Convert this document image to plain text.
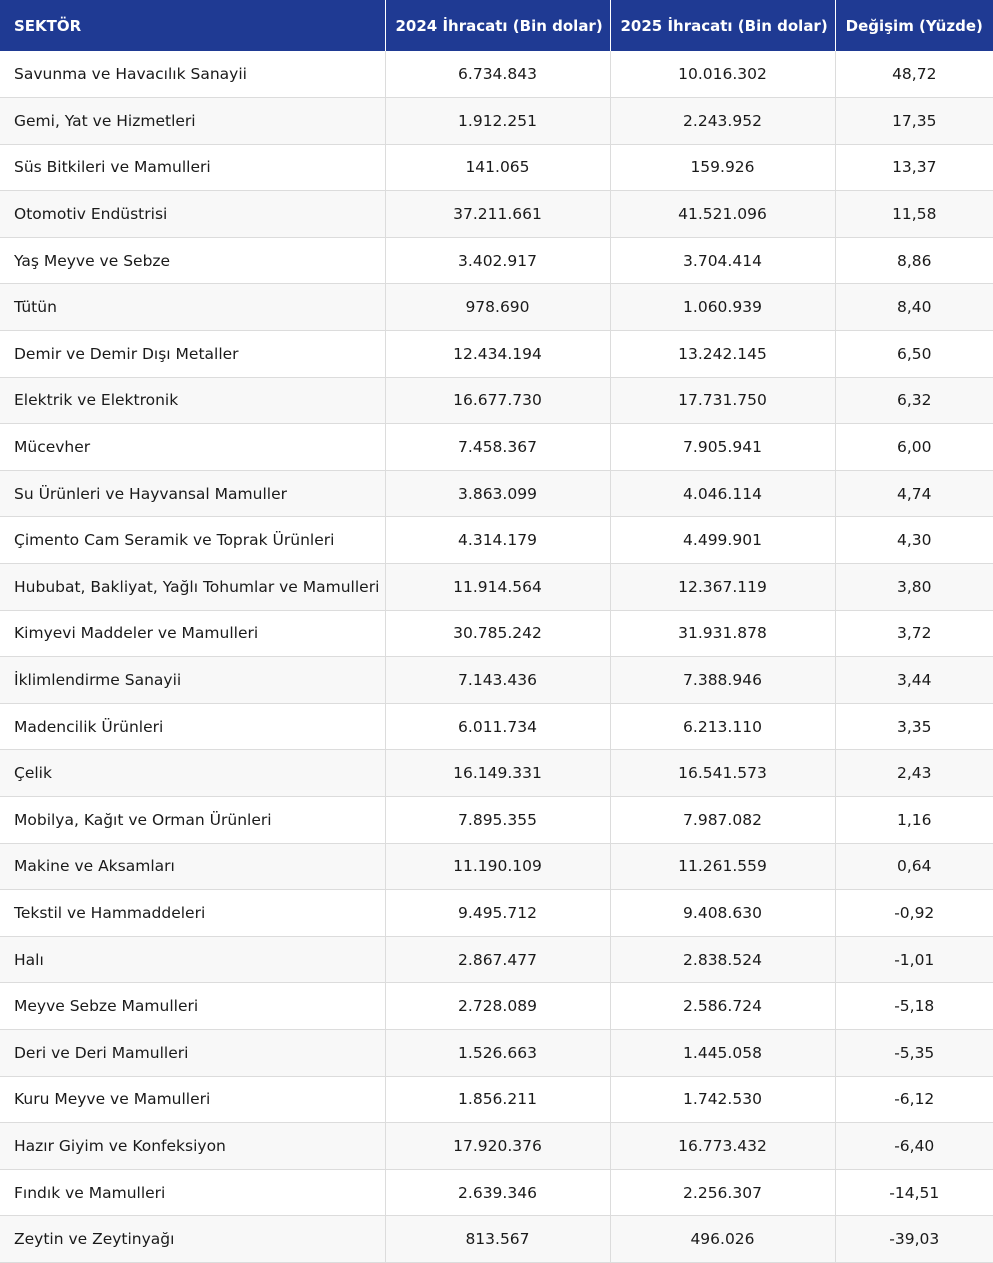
SEKTÖR	2024 İhracatı (Bin dolar)	2025 İhracatı (Bin dolar)	Değişim (Yüzde)
Savunma ve Havacılık Sanayii	6.734.843	10.016.302	48,72
Gemi, Yat ve Hizmetleri	1.912.251	2.243.952	17,35
Süs Bitkileri ve Mamulleri	141.065	159.926	13,37
Otomotiv Endüstrisi	37.211.661	41.521.096	11,58
Yaş Meyve ve Sebze	3.402.917	3.704.414	8,86
Tütün	978.690	1.060.939	8,40
Demir ve Demir Dışı Metaller	12.434.194	13.242.145	6,50
Elektrik ve Elektronik	16.677.730	17.731.750	6,32
Mücevher	7.458.367	7.905.941	6,00
Su Ürünleri ve Hayvansal Mamuller	3.863.099	4.046.114	4,74
Çimento Cam Seramik ve Toprak Ürünleri	4.314.179	4.499.901	4,30
Hububat, Bakliyat, Yağlı Tohumlar ve Mamulleri	11.914.564	12.367.119	3,80
Kimyevi Maddeler ve Mamulleri	30.785.242	31.931.878	3,72
İklimlendirme Sanayii	7.143.436	7.388.946	3,44
Madencilik Ürünleri	6.011.734	6.213.110	3,35
Çelik	16.149.331	16.541.573	2,43
Mobilya, Kağıt ve Orman Ürünleri	7.895.355	7.987.082	1,16
Makine ve Aksamları	11.190.109	11.261.559	0,64
Tekstil ve Hammaddeleri	9.495.712	9.408.630	-0,92
Halı	2.867.477	2.838.524	-1,01
Meyve Sebze Mamulleri	2.728.089	2.586.724	-5,18
Deri ve Deri Mamulleri	1.526.663	1.445.058	-5,35
Kuru Meyve ve Mamulleri	1.856.211	1.742.530	-6,12
Hazır Giyim ve Konfeksiyon	17.920.376	16.773.432	-6,40
Fındık ve Mamulleri	2.639.346	2.256.307	-14,51
Zeytin ve Zeytinyağı	813.567	496.026	-39,03
